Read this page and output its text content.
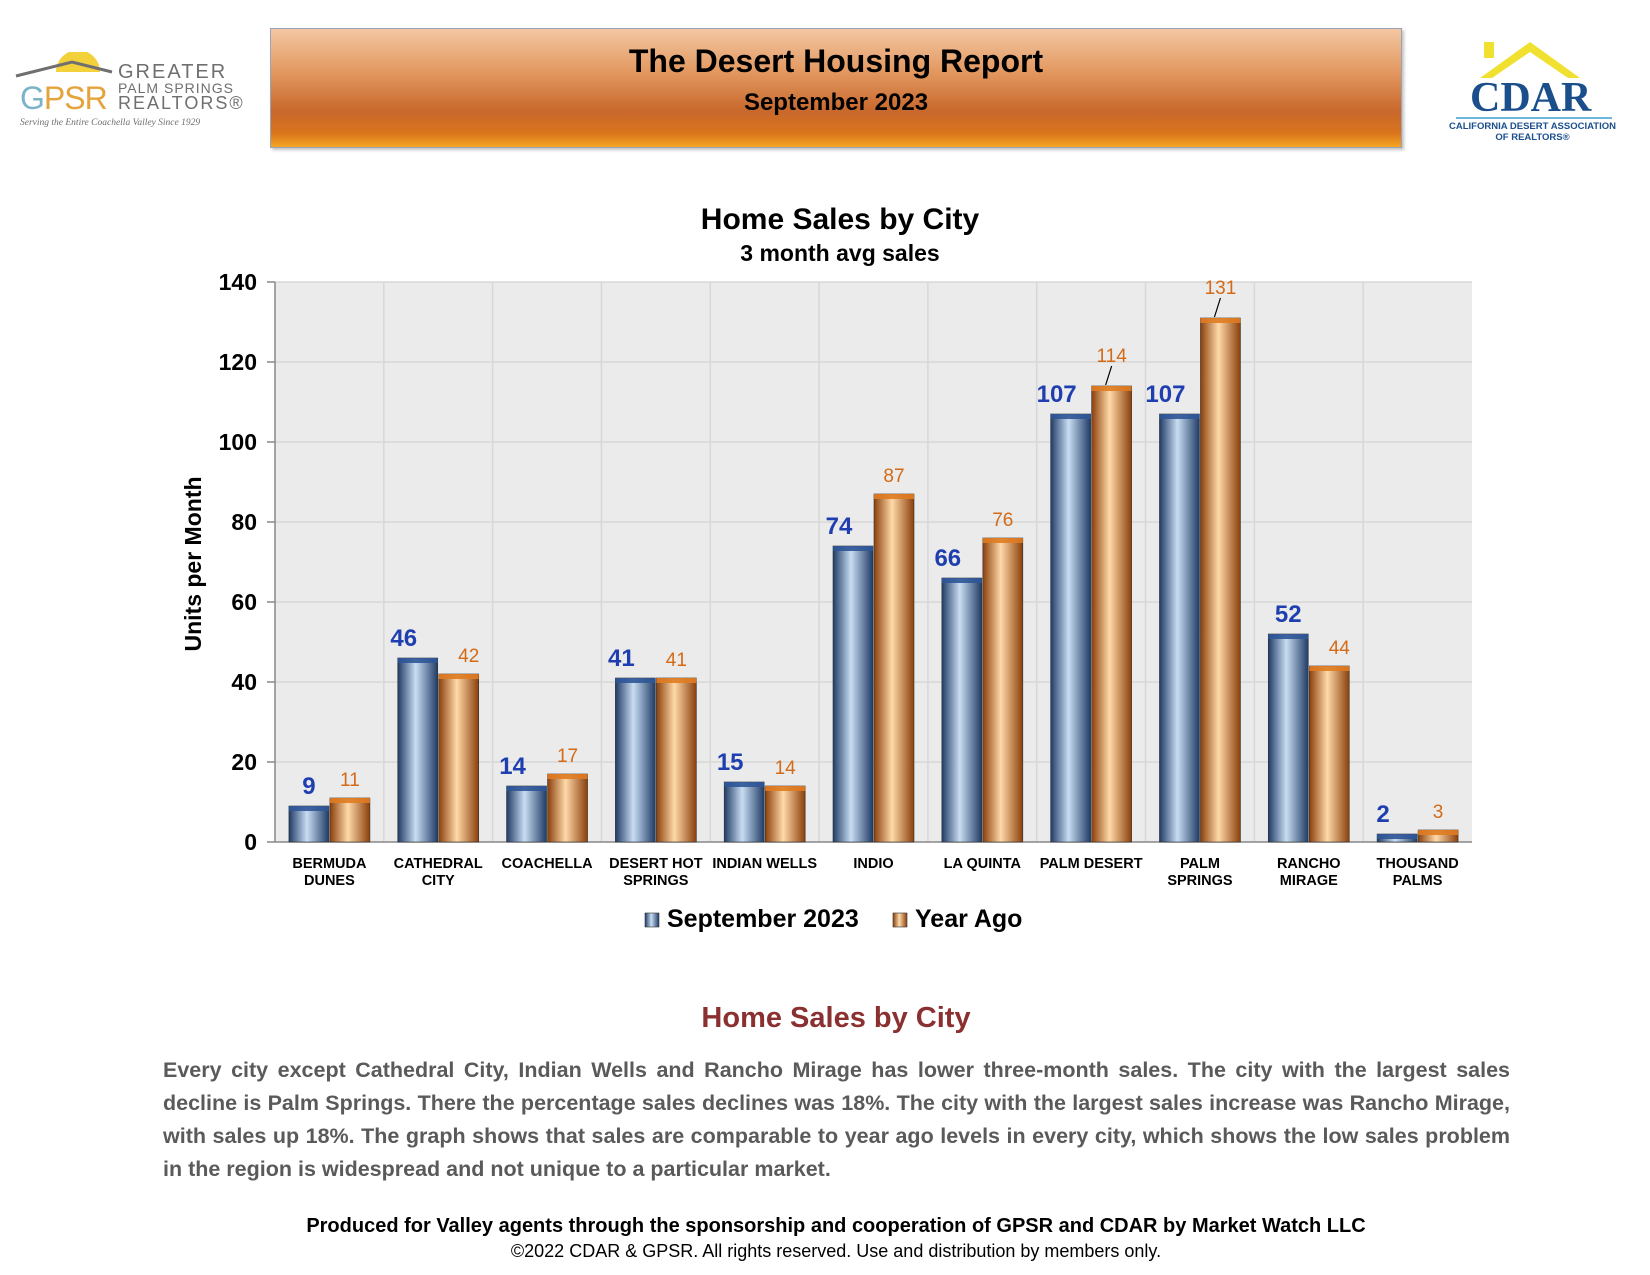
GPSR
GREATER
PALM SPRINGS
REALTORS®
Serving the Entire Coachella Valley Since 1929
The Desert Housing Report
September 2023	CDAR
CALIFORNIA DESERT ASSOCIATION
OF REALTORS®
Home Sales by City
3 month avg sales
0
20
40
60
80
100
120
140
Units per Month
9 11
BERMUDA
DUNES
46
42
CATHEDRAL
CITY
14 17
COACHELLA
41 41
DESERT HOT
SPRINGS
15 14
INDIAN WELLS
74
87
INDIO
66
76
LA QUINTA
107
114
PALM DESERT
107
131
PALM
SPRINGS
52
44
RANCHO
MIRAGE
2 3
THOUSAND
PALMS
September 2023 Year Ago
Home Sales by City
Every city except Cathedral City, Indian Wells and Rancho Mirage has lower three-month sales. The city with the largest sales decline is Palm Springs. There the percentage sales declines was 18%. The city with the largest sales increase was Rancho Mirage, with sales up 18%. The graph shows that sales are comparable to year ago levels in every city, which shows the low sales problem in the region is widespread and not unique to a particular market.
Produced for Valley agents through the sponsorship and cooperation of GPSR and CDAR by Market Watch LLC
©2022 CDAR & GPSR. All rights reserved. Use and distribution by members only.
